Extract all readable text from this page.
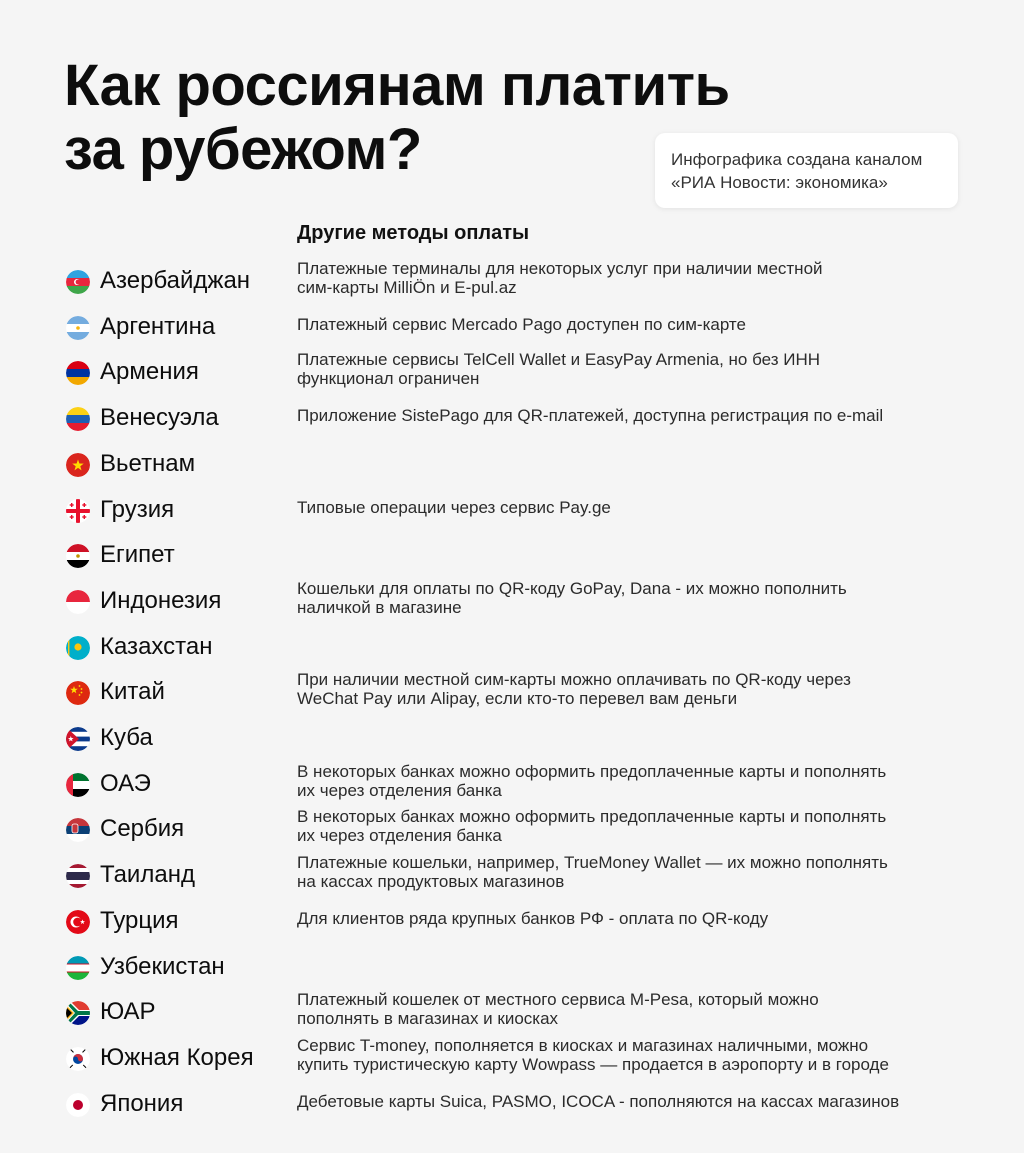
Как россиянам платить
за рубежом?	Инфографика создана каналом
«РИА Новости: экономика»
Другие методы оплаты
Азербайджан	Платежные терминалы для некоторых услуг при наличии местной
сим-карты MilliÖn и E-pul.az
Аргентина	Платежный сервис Mercado Pago доступен по сим-карте
Армения	Платежные сервисы TelCell Wallet и EasyPay Armenia, но без ИНН
функционал ограничен
Венесуэла	Приложение SistePago для QR-платежей, доступна регистрация по e-mail
Вьетнам
Грузия	Типовые операции через сервис Pay.ge
Египет
Индонезия	Кошельки для оплаты по QR-коду GoPay, Dana - их можно пополнить
наличкой в магазине
Казахстан
Китай	При наличии местной сим-карты можно оплачивать по QR-коду через
WeChat Pay или Alipay, если кто-то перевел вам деньги
Куба
ОАЭ	В некоторых банках можно оформить предоплаченные карты и пополнять
их через отделения банка
Сербия	В некоторых банках можно оформить предоплаченные карты и пополнять
их через отделения банка
Таиланд	Платежные кошельки, например, TrueMoney Wallet — их можно пополнять
на кассах продуктовых магазинов
Турция	Для клиентов ряда крупных банков РФ - оплата по QR-коду
Узбекистан
ЮАР	Платежный кошелек от местного сервиса M-Pesa, который можно
пополнять в магазинах и киосках
Южная Корея	Сервис T-money, пополняется в киосках и магазинах наличными, можно
купить туристическую карту Wowpass — продается в аэропорту и в городе
Япония	Дебетовые карты Suica, PASMO, ICOCA - пополняются на кассах магазинов
